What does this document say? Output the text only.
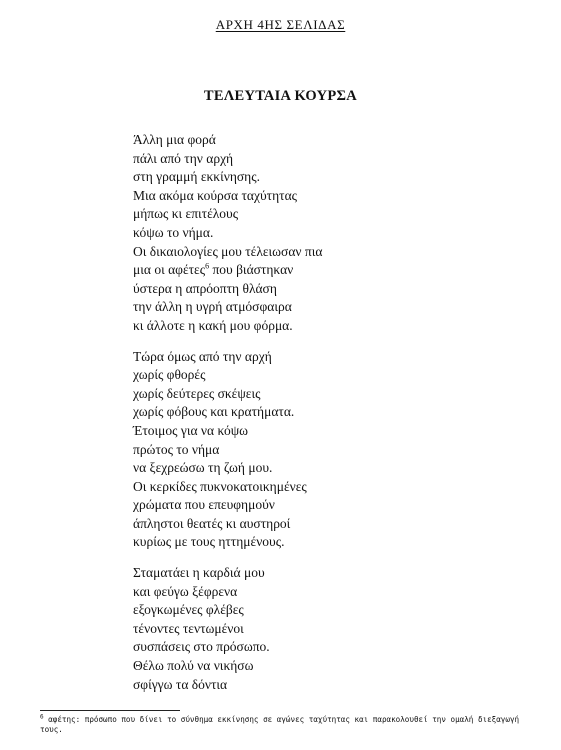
ΑΡΧΗ 4ΗΣ ΣΕΛΙΔΑΣ
ΤΕΛΕΥΤΑΙΑ ΚΟΥΡΣΑ
Άλλη μια φορά
πάλι από την αρχή
στη γραμμή εκκίνησης.
Μια ακόμα κούρσα ταχύτητας
μήπως κι επιτέλους
κόψω το νήμα.
Οι δικαιολογίες μου τέλειωσαν πια
μια οι αφέτες$^6$ που βιάστηκαν
ύστερα η απρόοπτη θλάση
την άλλη η υγρή ατμόσφαιρα
κι άλλοτε η κακή μου φόρμα.
Τώρα όμως από την αρχή
χωρίς φθορές
χωρίς δεύτερες σκέψεις
χωρίς φόβους και κρατήματα.
Έτοιμος για να κόψω
πρώτος το νήμα
να ξεχρεώσω τη ζωή μου.
Οι κερκίδες πυκνοκατοικημένες
χρώματα που επευφημούν
άπληστοι θεατές κι αυστηροί
κυρίως με τους ηττημένους.
Σταματάει η καρδιά μου
και φεύγω ξέφρενα
εξογκωμένες φλέβες
τένοντες τεντωμένοι
συσπάσεις στο πρόσωπο.
Θέλω πολύ να νικήσω
σφίγγω τα δόντια
$^6$ αφέτης: πρόσωπο που δίνει το σύνθημα εκκίνησης σε αγώνες ταχύτητας και παρακολουθεί την ομαλή διεξαγωγή τους.
